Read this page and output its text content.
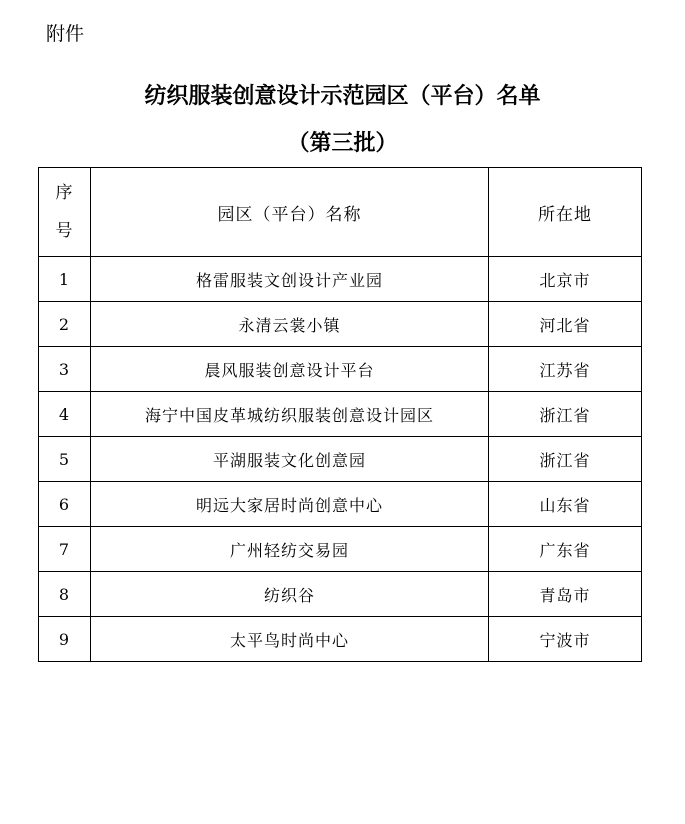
附件
纺织服装创意设计示范园区（平台）名单
（第三批）
序号	园区（平台）名称	所在地
1	格雷服装文创设计产业园	北京市
2	永清云裳小镇	河北省
3	晨风服装创意设计平台	江苏省
4	海宁中国皮革城纺织服装创意设计园区	浙江省
5	平湖服装文化创意园	浙江省
6	明远大家居时尚创意中心	山东省
7	广州轻纺交易园	广东省
8	纺织谷	青岛市
9	太平鸟时尚中心	宁波市
